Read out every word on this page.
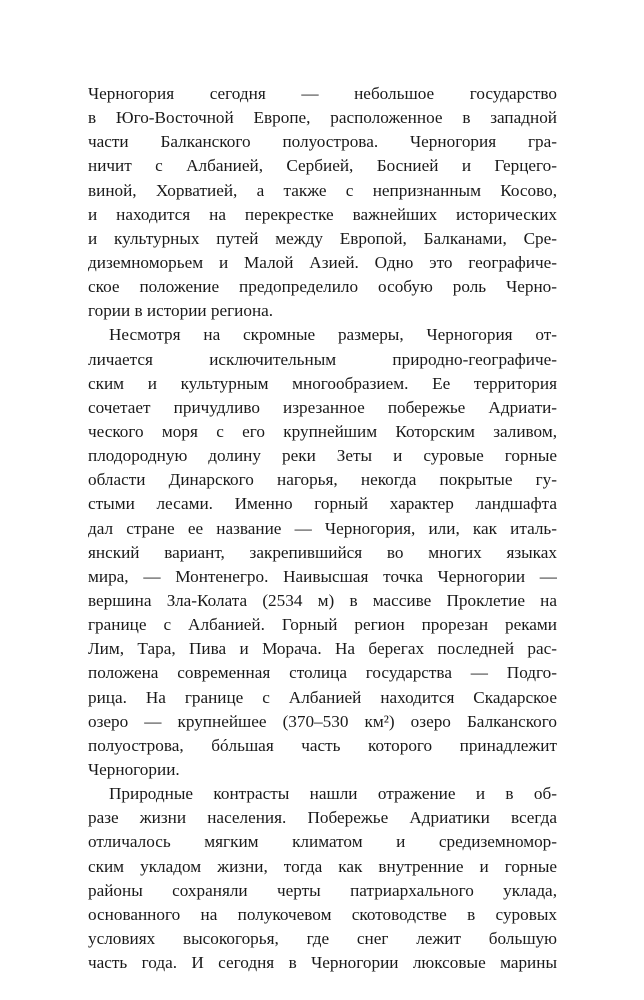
Черногория сегодня — небольшое государство
в Юго-Восточной Европе, расположенное в западной
части Балканского полуострова. Черногория гра-
ничит с Албанией, Сербией, Боснией и Герцего-
виной, Хорватией, а также с непризнанным Косово,
и находится на перекрестке важнейших исторических
и культурных путей между Европой, Балканами, Сре-
диземноморьем и Малой Азией. Одно это географиче-
ское положение предопределило особую роль Черно-
гории в истории региона.
Несмотря на скромные размеры, Черногория от-
личается исключительным природно-географиче-
ским и культурным многообразием. Ее территория
сочетает причудливо изрезанное побережье Адриати-
ческого моря с его крупнейшим Которским заливом,
плодородную долину реки Зеты и суровые горные
области Динарского нагорья, некогда покрытые гу-
стыми лесами. Именно горный характер ландшафта
дал стране ее название — Черногория, или, как италь-
янский вариант, закрепившийся во многих языках
мира, — Монтенегро. Наивысшая точка Черногории —
вершина Зла-Колата (2534 м) в массиве Проклетие на
границе с Албанией. Горный регион прорезан реками
Лим, Тара, Пива и Морача. На берегах последней рас-
положена современная столица государства — Подго-
рица. На границе с Албанией находится Скадарское
озеро — крупнейшее (370–530 км²) озеро Балканского
полуострова, бóльшая часть которого принадлежит
Черногории.
Природные контрасты нашли отражение и в об-
разе жизни населения. Побережье Адриатики всегда
отличалось мягким климатом и средиземномор-
ским укладом жизни, тогда как внутренние и горные
районы сохраняли черты патриархального уклада,
основанного на полукочевом скотоводстве в суровых
условиях высокогорья, где снег лежит большую
часть года. И сегодня в Черногории люксовые марины
